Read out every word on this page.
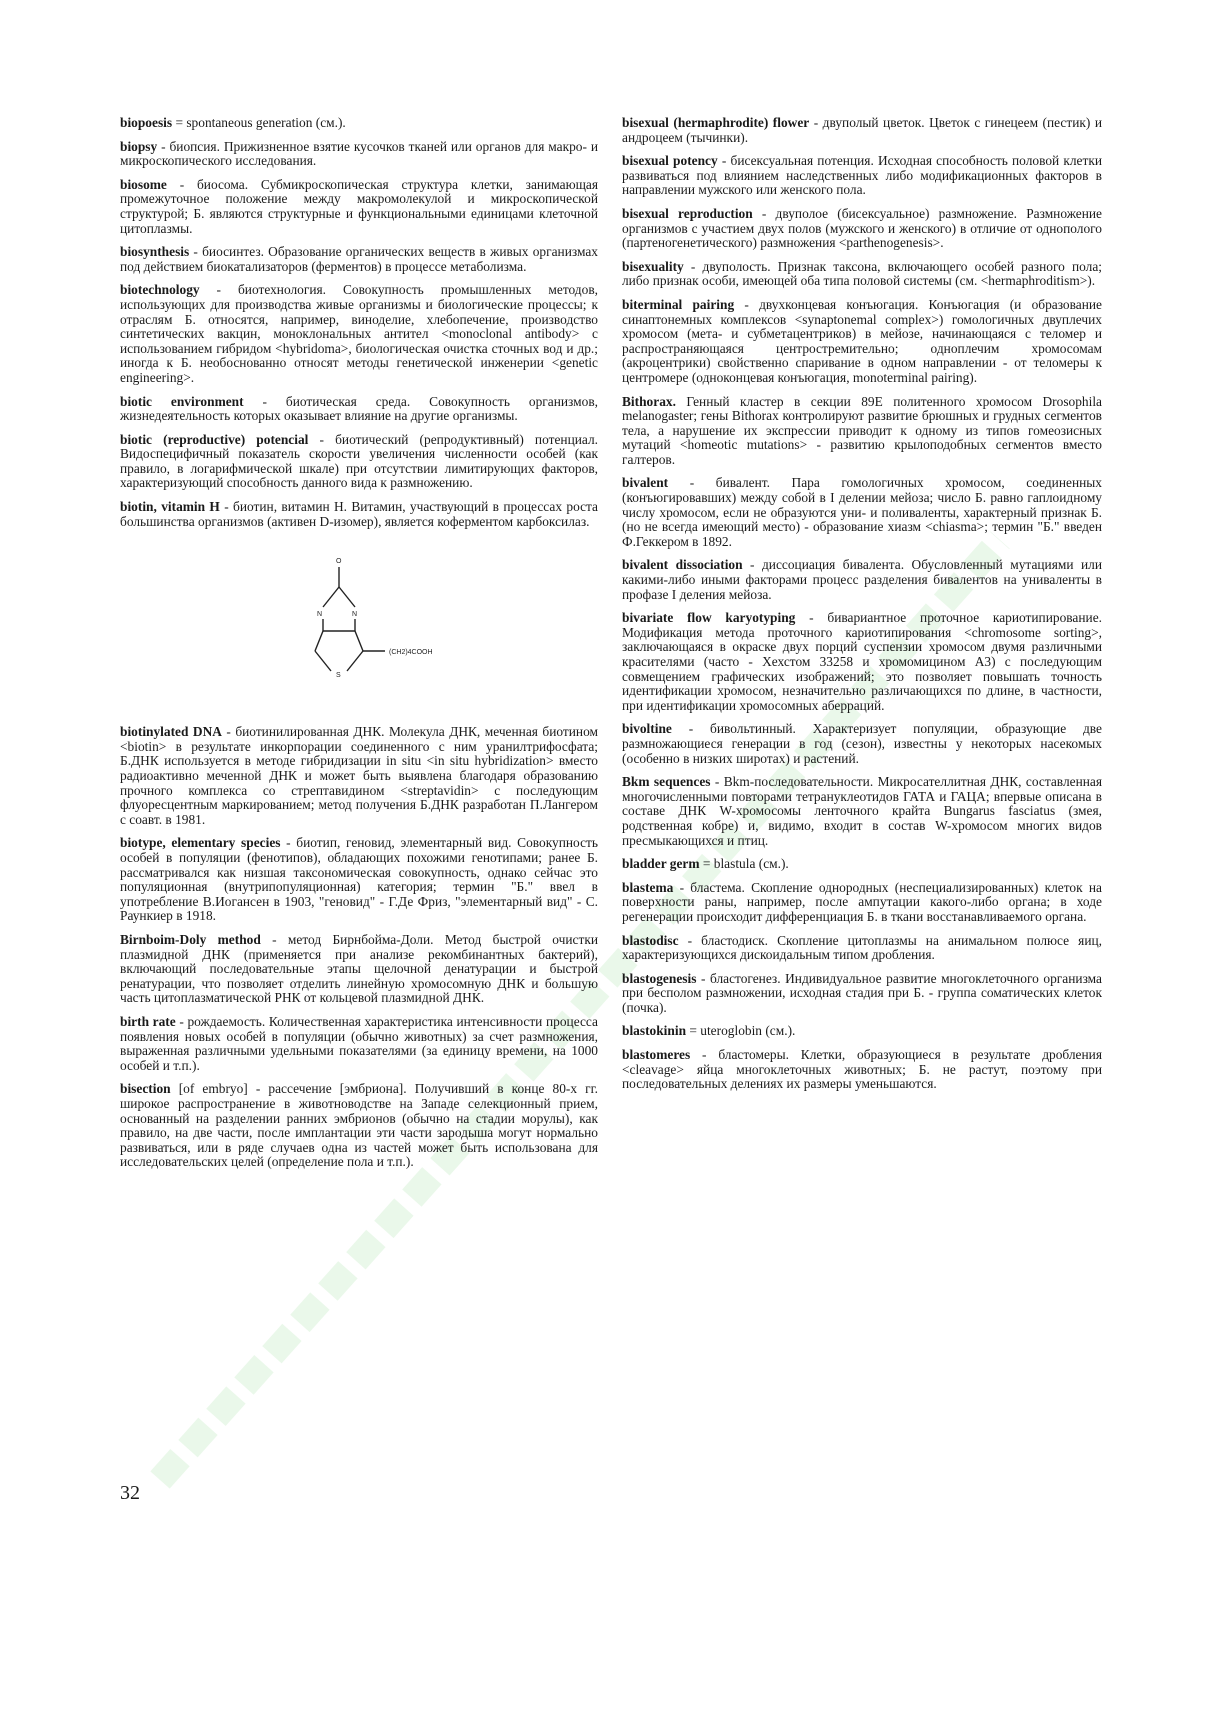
biopoesis = spontaneous generation (см.).

biopsy - биопсия. Прижизненное взятие кусочков тканей или органов для макро- и микроскопического исследования.

biosome - биосома. Субмикроскопическая структура клетки, занимающая промежуточное положение между макромолекулой и микроскопической структурой; Б. являются структурные и функциональными единицами клеточной цитоплазмы.

biosynthesis - биосинтез. Образование органических веществ в живых организмах под действием биокатализаторов (ферментов) в процессе метаболизма.

biotechnology - биотехнология. Совокупность промышленных методов, использующих для производства живые организмы и биологические процессы; к отраслям Б. относятся, например, виноделие, хлебопечение, производство синтетических вакцин, моноклональных антител <monoclonal antibody> с использованием гибридом <hybridoma>, биологическая очистка сточных вод и др.; иногда к Б. необоснованно относят методы генетической инженерии <genetic engineering>.

biotic environment - биотическая среда. Совокупность организмов, жизнедеятельность которых оказывает влияние на другие организмы.

biotic (reproductive) potencial - биотический (репродуктивный) потенциал. Видоспецифичный показатель скорости увеличения численности особей (как правило, в логарифмической шкале) при отсутствии лимитирующих факторов, характеризующий способность данного вида к размножению.

biotin, vitamin H - биотин, витамин Н. Витамин, участвующий в процессах роста большинства организмов (активен D-изомер), является коферментом карбоксилаз.

O
N	N
S
(CH2)4COOH

biotinylated DNA - биотинилированная ДНК. Молекула ДНК, меченная биотином <biotin> в результате инкорпорации соединенного с ним уранилтрифосфата; Б.ДНК используется в методе гибридизации in situ <in situ hybridization> вместо радиоактивно меченной ДНК и может быть выявлена благодаря образованию прочного комплекса со стрептавидином <streptavidin> с последующим флуоресцентным маркированием; метод получения Б.ДНК разработан П.Лангером с соавт. в 1981.

biotype, elementary species - биотип, геновид, элементарный вид. Совокупность особей в популяции (фенотипов), обладающих похожими генотипами; ранее Б. рассматривался как низшая таксономическая совокупность, однако сейчас это популяционная (внутрипопуляционная) категория; термин "Б." ввел в употребление В.Иогансен в 1903, "геновид" - Г.Де Фриз, "элементарный вид" - С. Раункиер в 1918.

Birnboim-Doly method - метод Бирнбойма-Доли. Метод быстрой очистки плазмидной ДНК (применяется при анализе рекомбинантных бактерий), включающий последовательные этапы щелочной денатурации и быстрой ренатурации, что позволяет отделить линейную хромосомную ДНК и большую часть цитоплазматической РНК от кольцевой плазмидной ДНК.

birth rate - рождаемость. Количественная характеристика интенсивности процесса появления новых особей в популяции (обычно животных) за счет размножения, выраженная различными удельными показателями (за единицу времени, на 1000 особей и т.п.).

bisection [of embryo] - рассечение [эмбриона]. Получивший в конце 80-х гг. широкое распространение в животноводстве на Западе селекционный прием, основанный на разделении ранних эмбрионов (обычно на стадии морулы), как правило, на две части, после имплантации эти части зародыша могут нормально развиваться, или в ряде случаев одна из частей может быть использована для исследовательских целей (определение пола и т.п.).

bisexual (hermaphrodite) flower - двуполый цветок. Цветок с гинецеем (пестик) и андроцеем (тычинки).

bisexual potency - бисексуальная потенция. Исходная способность половой клетки развиваться под влиянием наследственных либо модификационных факторов в направлении мужского или женского пола.

bisexual reproduction - двуполое (бисексуальное) размножение. Размножение организмов с участием двух полов (мужского и женского) в отличие от однополого (партеногенетического) размножения <parthenogenesis>.

bisexuality - двуполость. Признак таксона, включающего особей разного пола; либо признак особи, имеющей оба типа половой системы (см. <hermaphroditism>).

biterminal pairing - двухконцевая конъюгация. Конъюгация (и образование синаптонемных комплексов <synaptonemal complex>) гомологичных двуплечих хромосом (мета- и субметацентриков) в мейозе, начинающаяся с теломер и распространяющаяся центростремительно; одноплечим хромосомам (акроцентрики) свойственно спаривание в одном направлении - от теломеры к центромере (одноконцевая конъюгация, monoterminal pairing).

Bithorax. Генный кластер в секции 89E политенного хромосом Drosophila melanogaster; гены Bithorax контролируют развитие брюшных и грудных сегментов тела, а нарушение их экспрессии приводит к одному из типов гомеозисных мутаций <homeotic mutations> - развитию крылоподобных сегментов вместо галтеров.

bivalent - бивалент. Пара гомологичных хромосом, соединенных (конъюгировавших) между собой в I делении мейоза; число Б. равно гаплоидному числу хромосом, если не образуются уни- и поливаленты, характерный признак Б. (но не всегда имеющий место) - образование хиазм <chiasma>; термин "Б." введен Ф.Геккером в 1892.

bivalent dissociation - диссоциация бивалента. Обусловленный мутациями или какими-либо иными факторами процесс разделения бивалентов на униваленты в профазе I деления мейоза.

bivariate flow karyotyping - бивариантное проточное кариотипирование. Модификация метода проточного кариотипирования <chromosome sorting>, заключающаяся в окраске двух порций суспензии хромосом двумя различными красителями (часто - Хехстом 33258 и хромомицином A3) с последующим совмещением графических изображений; это позволяет повышать точность идентификации хромосом, незначительно различающихся по длине, в частности, при идентификации хромосомных аберраций.

bivoltine - бивольтинный. Характеризует популяции, образующие две размножающиеся генерации в год (сезон), известны у некоторых насекомых (особенно в низких широтах) и растений.

Bkm sequences - Bkm-последовательности. Микросателлитная ДНК, составленная многочисленными повторами тетрануклеотидов ГАТА и ГАЦА; впервые описана в составе ДНК W-хромосомы ленточного крайта Bungarus fasciatus (змея, родственная кобре) и, видимо, входит в состав W-хромосом многих видов пресмыкающихся и птиц.

bladder germ = blastula (см.).

blastema - бластема. Скопление однородных (неспециализированных) клеток на поверхности раны, например, после ампутации какого-либо органа; в ходе регенерации происходит дифференциация Б. в ткани восстанавливаемого органа.

blastodisc - бластодиск. Скопление цитоплазмы на анимальном полюсе яиц, характеризующихся дискоидальным типом дробления.

blastogenesis - бластогенез. Индивидуальное развитие многоклеточного организма при бесполом размножении, исходная стадия при Б. - группа соматических клеток (почка).

blastokinin = uteroglobin (см.).

blastomeres - бластомеры. Клетки, образующиеся в результате дробления <cleavage> яйца многоклеточных животных; Б. не растут, поэтому при последовательных делениях их размеры уменьшаются.

32
